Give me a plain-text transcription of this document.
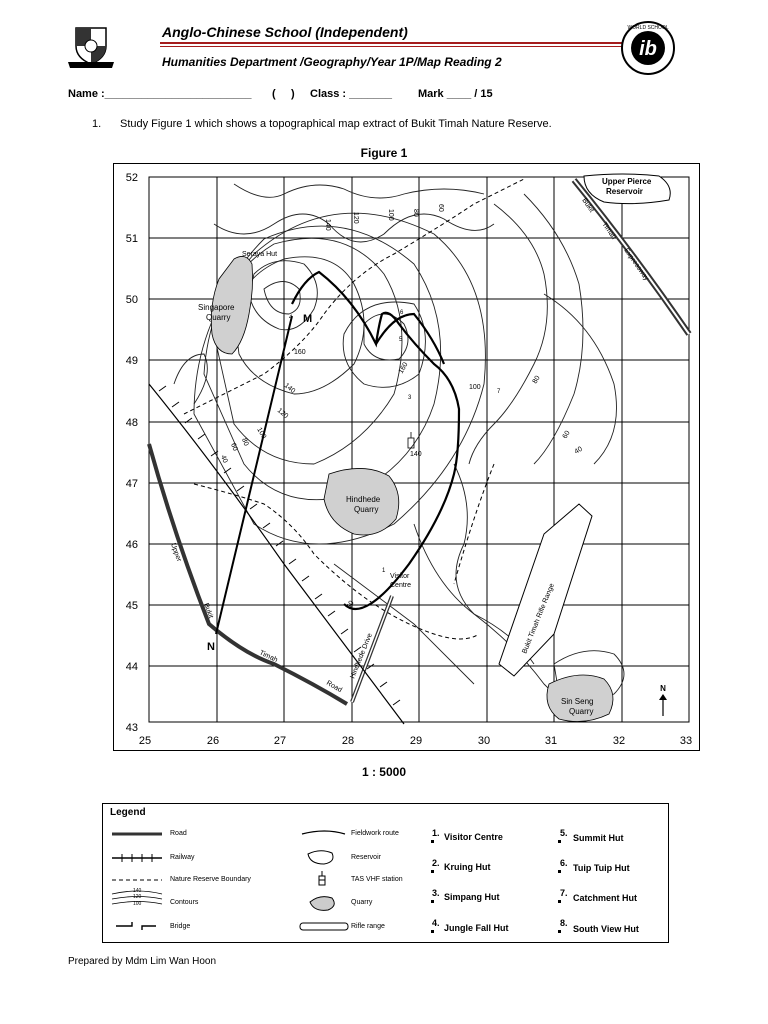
Anglo-Chinese School (Independent)
Humanities Department /Geography/Year 1P/Map Reading 2
ib
WORLD SCHOOL
Name :________________________ (     ) Class : _______ Mark ____ / 15
1. Study Figure 1 which shows a topographical map extract of Bukit Timah Nature Reserve.
Figure 1
52
51
50
49
48
47
46
45
44
43
25	26	27	28	29	30	31	32	33
Upper Pierce
Reservoir
Seraya Hut
Singapore
Quarry
Hindhede
Quarry
Visitor
Centre
Sin Seng
Quarry
Bukit
Timah
Expressway
Upper
Bukit
Timah
Road
Hindhede Drive
Bukit Timah Rifle Range
M
N
N
140
120	100	80
60
160
160
140
120
100
80
60
40
40
100
80
60
40
140
1
7
3
4
5
6
1 : 5000
Legend
140
120
100
Road
Railway
Nature Reserve Boundary
Contours
Bridge
Fieldwork route
Reservoir
TAS VHF station
Quarry
Rifle range
1. Visitor Centre
2. Kruing Hut
3. Simpang Hut
4. Jungle Fall Hut
5. Summit Hut
6. Tuip Tuip Hut
7. Catchment Hut
8.
South View Hut
Prepared by Mdm Lim Wan Hoon
